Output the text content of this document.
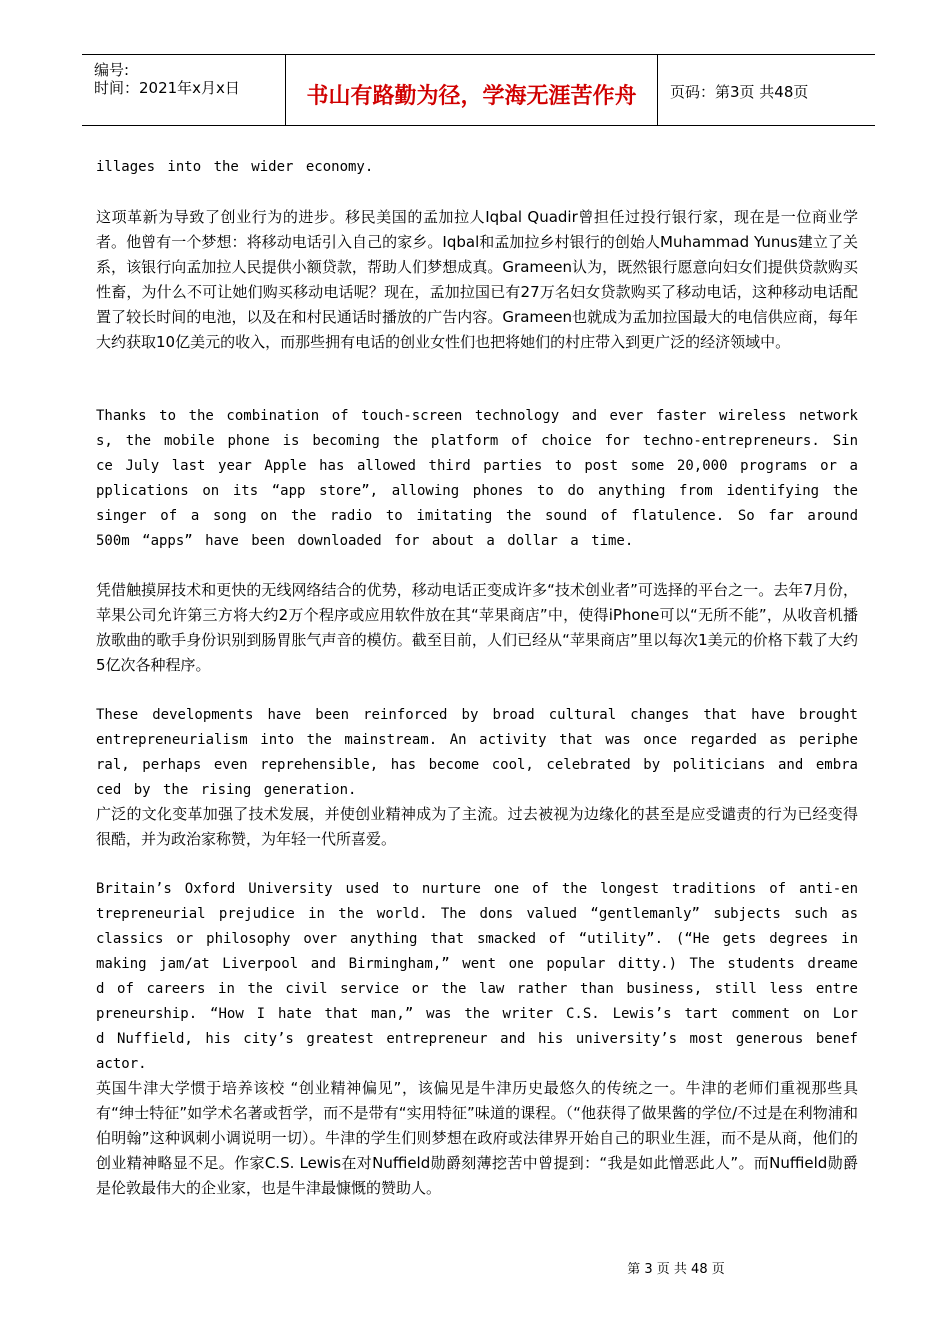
编号:
时间：2021年x月x日	书山有路勤为径，学海无涯苦作舟	页码：第3页 共48页

illages into the wider economy.

这项革新为导致了创业行为的进步。移民美国的孟加拉人Iqbal Quadir曾担任过投行银行家，现在是一位商业学者。他曾有一个梦想：将移动电话引入自己的家乡。Iqbal和孟加拉乡村银行的创始人Muhammad Yunus建立了关系，该银行向孟加拉人民提供小额贷款，帮助人们梦想成真。Grameen认为，既然银行愿意向妇女们提供贷款购买性畜，为什么不可让她们购买移动电话呢？现在，孟加拉国已有27万名妇女贷款购买了移动电话，这种移动电话配置了较长时间的电池，以及在和村民通话时播放的广告内容。Grameen也就成为孟加拉国最大的电信供应商，每年大约获取10亿美元的收入，而那些拥有电话的创业女性们也把将她们的村庄带入到更广泛的经济领域中。

Thanks to the combination of touch-screen technology and ever faster wireless networks, the mobile phone is becoming the platform of choice for techno-entrepreneurs. Since July last year Apple has allowed third parties to post some 20,000 programs or applications on its “app store”, allowing phones to do anything from identifying the singer of a song on the radio to imitating the sound of flatulence. So far around 500m “apps” have been downloaded for about a dollar a time.

凭借触摸屏技术和更快的无线网络结合的优势，移动电话正变成许多“技术创业者”可选择的平台之一。去年7月份，苹果公司允许第三方将大约2万个程序或应用软件放在其“苹果商店”中，使得iPhone可以“无所不能”，从收音机播放歌曲的歌手身份识别到肠胃胀气声音的模仿。截至目前，人们已经从“苹果商店”里以每次1美元的价格下载了大约5亿次各种程序。

These developments have been reinforced by broad cultural changes that have brought entrepreneurialism into the mainstream. An activity that was once regarded as peripheral, perhaps even reprehensible, has become cool, celebrated by politicians and embraced by the rising generation.

广泛的文化变革加强了技术发展，并使创业精神成为了主流。过去被视为边缘化的甚至是应受谴责的行为已经变得很酷，并为政治家称赞，为年轻一代所喜爱。

Britain’s Oxford University used to nurture one of the longest traditions of anti-entrepreneurial prejudice in the world. The dons valued “gentlemanly” subjects such as classics or philosophy over anything that smacked of “utility”. (“He gets degrees in making jam/at Liverpool and Birmingham,” went one popular ditty.) The students dreamed of careers in the civil service or the law rather than business, still less entrepreneurship. “How I hate that man,” was the writer C.S. Lewis’s tart comment on Lord Nuffield, his city’s greatest entrepreneur and his university’s most generous benefactor.

英国牛津大学惯于培养该校 “创业精神偏见”，该偏见是牛津历史最悠久的传统之一。牛津的老师们重视那些具有“绅士特征”如学术名著或哲学，而不是带有“实用特征”味道的课程。（“他获得了做果酱的学位/不过是在利物浦和伯明翰”这种讽刺小调说明一切）。牛津的学生们则梦想在政府或法律界开始自己的职业生涯，而不是从商，他们的创业精神略显不足。作家C.S. Lewis在对Nuffield勋爵刻薄挖苦中曾提到：“我是如此憎恶此人”。而Nuffield勋爵是伦敦最伟大的企业家，也是牛津最慷慨的赞助人。

第 3 页 共 48 页
